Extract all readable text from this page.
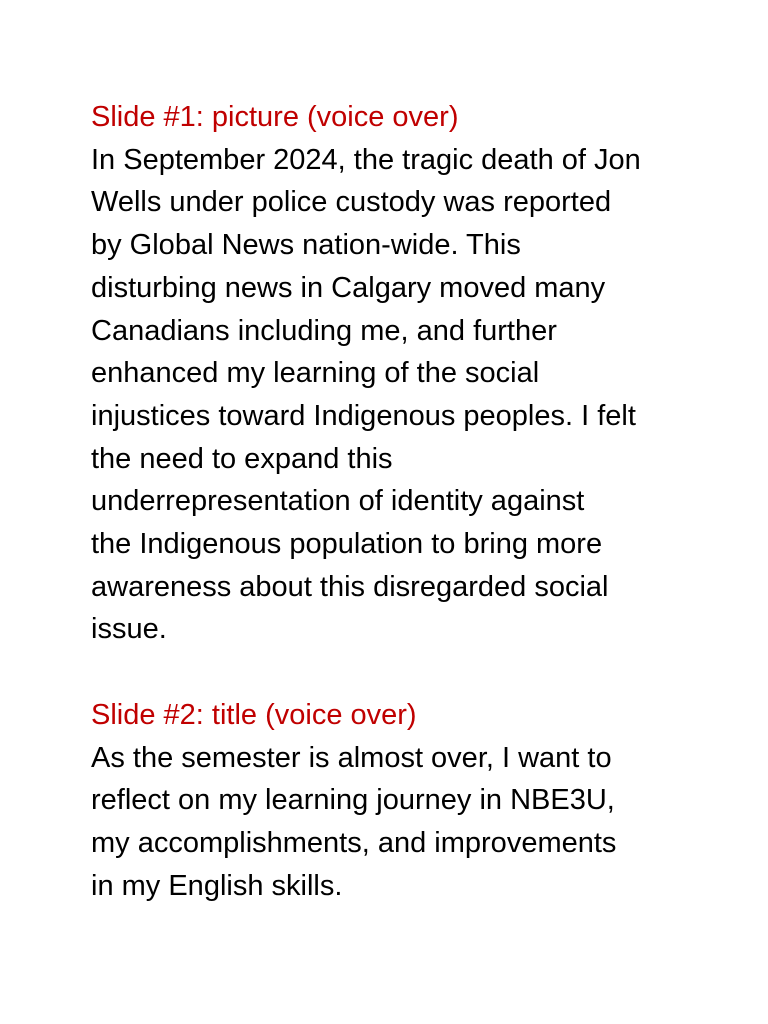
Slide #1: picture (voice over)

In September 2024, the tragic death of Jon
Wells under police custody was reported
by Global News nation-wide. This
disturbing news in Calgary moved many
Canadians including me, and further
enhanced my learning of the social
injustices toward Indigenous peoples. I felt
the need to expand this
underrepresentation of identity against
the Indigenous population to bring more
awareness about this disregarded social
issue.

Slide #2: title (voice over)

As the semester is almost over, I want to
reflect on my learning journey in NBE3U,
my accomplishments, and improvements
in my English skills.
